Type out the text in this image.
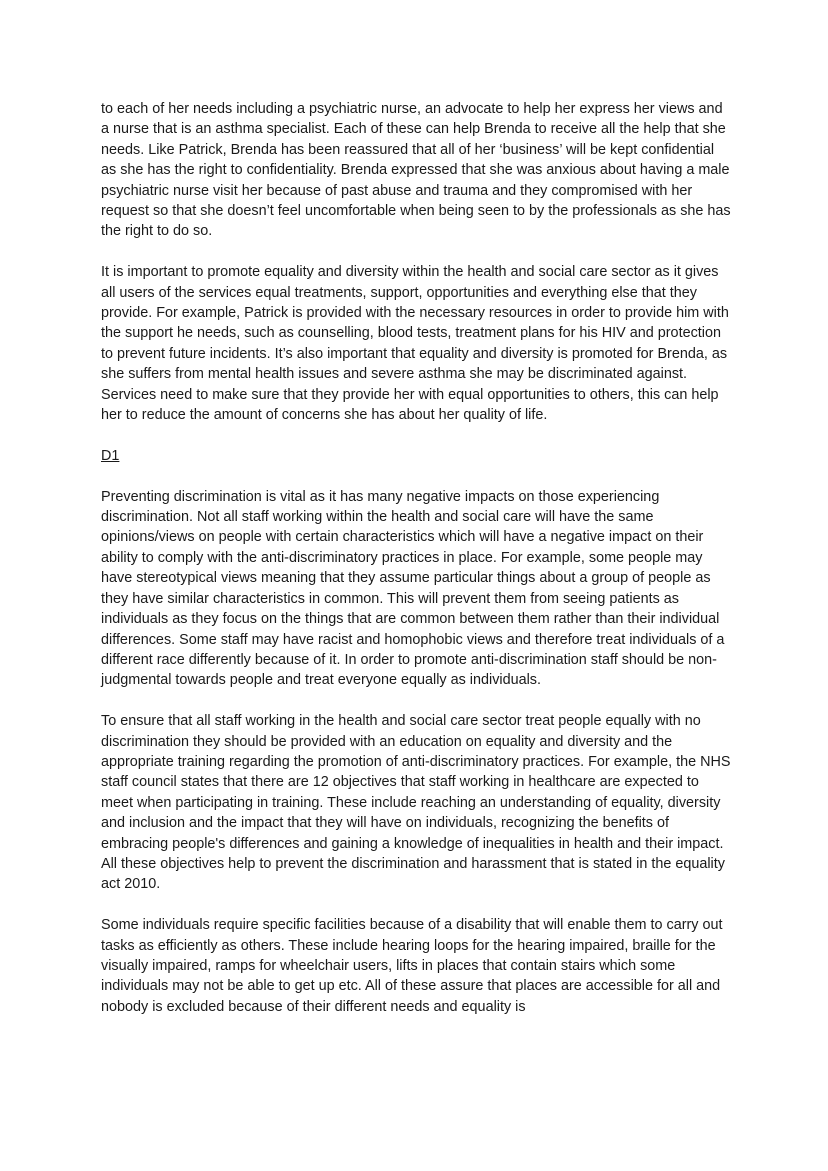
to each of her needs including a psychiatric nurse, an advocate to help her express her views and a nurse that is an asthma specialist. Each of these can help Brenda to receive all the help that she needs. Like Patrick, Brenda has been reassured that all of her ‘business’ will be kept confidential as she has the right to confidentiality. Brenda expressed that she was anxious about having a male psychiatric nurse visit her because of past abuse and trauma and they compromised with her request so that she doesn’t feel uncomfortable when being seen to by the professionals as she has the right to do so.

It is important to promote equality and diversity within the health and social care sector as it gives all users of the services equal treatments, support, opportunities and everything else that they provide. For example, Patrick is provided with the necessary resources in order to provide him with the support he needs, such as counselling, blood tests, treatment plans for his HIV and protection to prevent future incidents. It’s also important that equality and diversity is promoted for Brenda, as she suffers from mental health issues and severe asthma she may be discriminated against. Services need to make sure that they provide her with equal opportunities to others, this can help her to reduce the amount of concerns she has about her quality of life.

D1

Preventing discrimination is vital as it has many negative impacts on those experiencing discrimination. Not all staff working within the health and social care will have the same opinions/views on people with certain characteristics which will have a negative impact on their ability to comply with the anti-discriminatory practices in place. For example, some people may have stereotypical views meaning that they assume particular things about a group of people as they have similar characteristics in common. This will prevent them from seeing patients as individuals as they focus on the things that are common between them rather than their individual differences. Some staff may have racist and homophobic views and therefore treat individuals of a different race differently because of it. In order to promote anti-discrimination staff should be non-judgmental towards people and treat everyone equally as individuals.

To ensure that all staff working in the health and social care sector treat people equally with no discrimination they should be provided with an education on equality and diversity and the appropriate training regarding the promotion of anti-discriminatory practices. For example, the NHS staff council states that there are 12 objectives that staff working in healthcare are expected to meet when participating in training. These include reaching an understanding of equality, diversity and inclusion and the impact that they will have on individuals, recognizing the benefits of embracing people's differences and gaining a knowledge of inequalities in health and their impact. All these objectives help to prevent the discrimination and harassment that is stated in the equality act 2010.

Some individuals require specific facilities because of a disability that will enable them to carry out tasks as efficiently as others. These include hearing loops for the hearing impaired, braille for the visually impaired, ramps for wheelchair users, lifts in places that contain stairs which some individuals may not be able to get up etc. All of these assure that places are accessible for all and nobody is excluded because of their different needs and equality is
